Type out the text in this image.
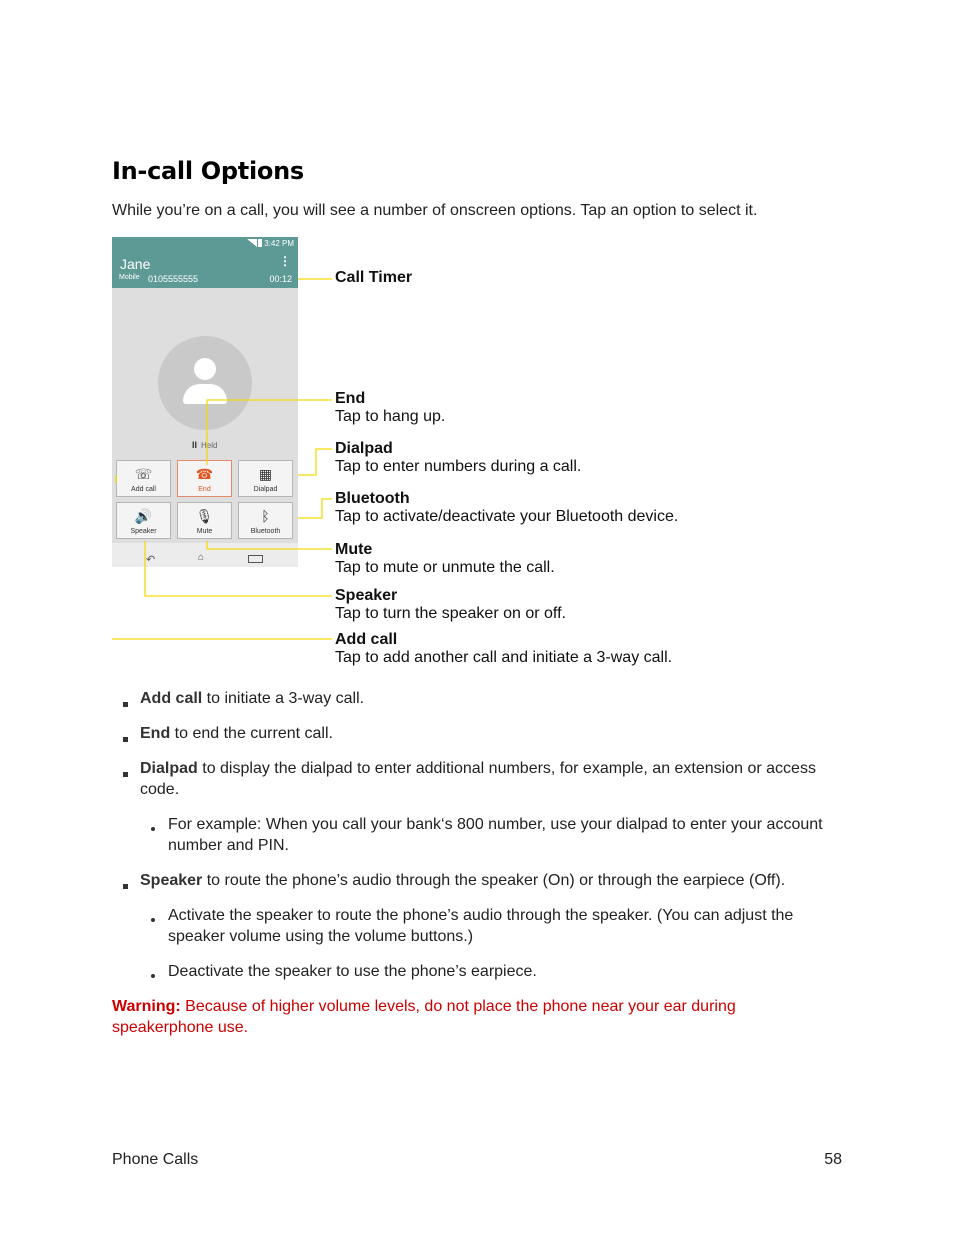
In-call Options
While you’re on a call, you will see a number of onscreen options. Tap an option to select it.
3:42 PM
⋮
Jane
Mobile 0105555555	00:12
II Held
☏
Add call
☎
End
▦
Dialpad
🔊
Speaker
🎙
Mute
ᛒ
Bluetooth
↶	⌂
Call Timer
End
Tap to hang up.
Dialpad
Tap to enter numbers during a call.
Bluetooth
Tap to activate/deactivate your Bluetooth device.
Mute
Tap to mute or unmute the call.
Speaker
Tap to turn the speaker on or off.
Add call
Tap to add another call and initiate a 3-way call.
Add call to initiate a 3-way call.
End to end the current call.
Dialpad to display the dialpad to enter additional numbers, for example, an extension or access code.
For example: When you call your bank‘s 800 number, use your dialpad to enter your account number and PIN.
Speaker to route the phone’s audio through the speaker (On) or through the earpiece (Off).
Activate the speaker to route the phone’s audio through the speaker. (You can adjust the speaker volume using the volume buttons.)
Deactivate the speaker to use the phone’s earpiece.
Warning: Because of higher volume levels, do not place the phone near your ear during speakerphone use.
Phone Calls	58
